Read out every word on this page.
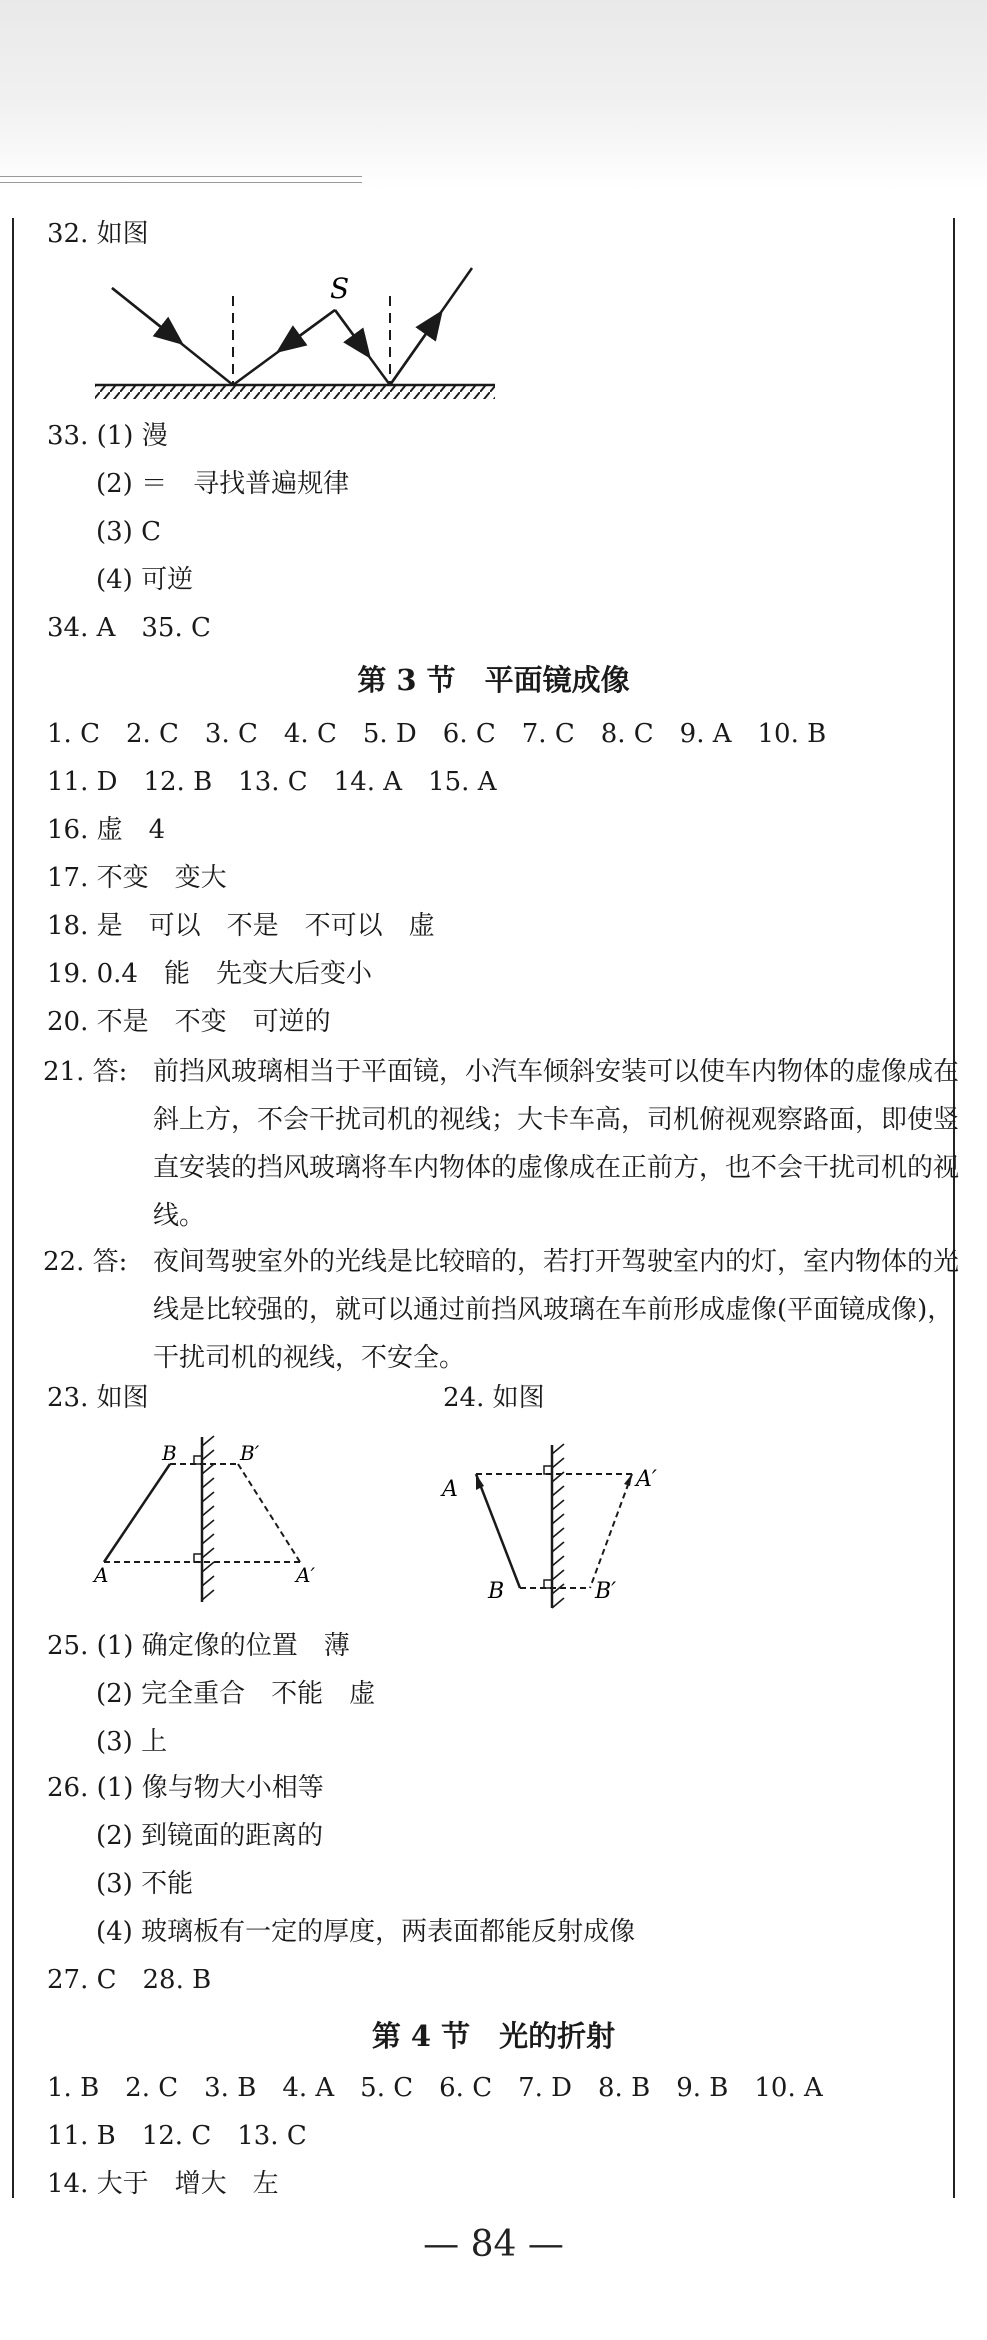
32. 如图
S
33. (1) 漫
(2) ＝　寻找普遍规律
(3) C
(4) 可逆
34. A　35. C
第 3 节　平面镜成像
1. C　2. C　3. C　4. C　5. D　6. C　7. C　8. C　9. A　10. B
11. D　12. B　13. C　14. A　15. A
16. 虚　4
17. 不变　变大
18. 是　可以　不是　不可以　虚
19. 0.4　能　先变大后变小
20. 不是　不变　可逆的
21. 答: 前挡风玻璃相当于平面镜，小汽车倾斜安装可以使车内物体的虚像成在斜上方，不会干扰司机的视线；大卡车高，司机俯视观察路面，即使竖直安装的挡风玻璃将车内物体的虚像成在正前方，也不会干扰司机的视线。
22. 答: 夜间驾驶室外的光线是比较暗的，若打开驾驶室内的灯，室内物体的光线是比较强的，就可以通过前挡风玻璃在车前形成虚像(平面镜成像)，干扰司机的视线，不安全。
23. 如图	24. 如图
B	B′
A	A′
A	A′
B	B′
25. (1) 确定像的位置　薄
(2) 完全重合　不能　虚
(3) 上
26. (1) 像与物大小相等
(2) 到镜面的距离的
(3) 不能
(4) 玻璃板有一定的厚度，两表面都能反射成像
27. C　28. B
第 4 节　光的折射
1. B　2. C　3. B　4. A　5. C　6. C　7. D　8. B　9. B　10. A
11. B　12. C　13. C
14. 大于　增大　左
— 84 —
